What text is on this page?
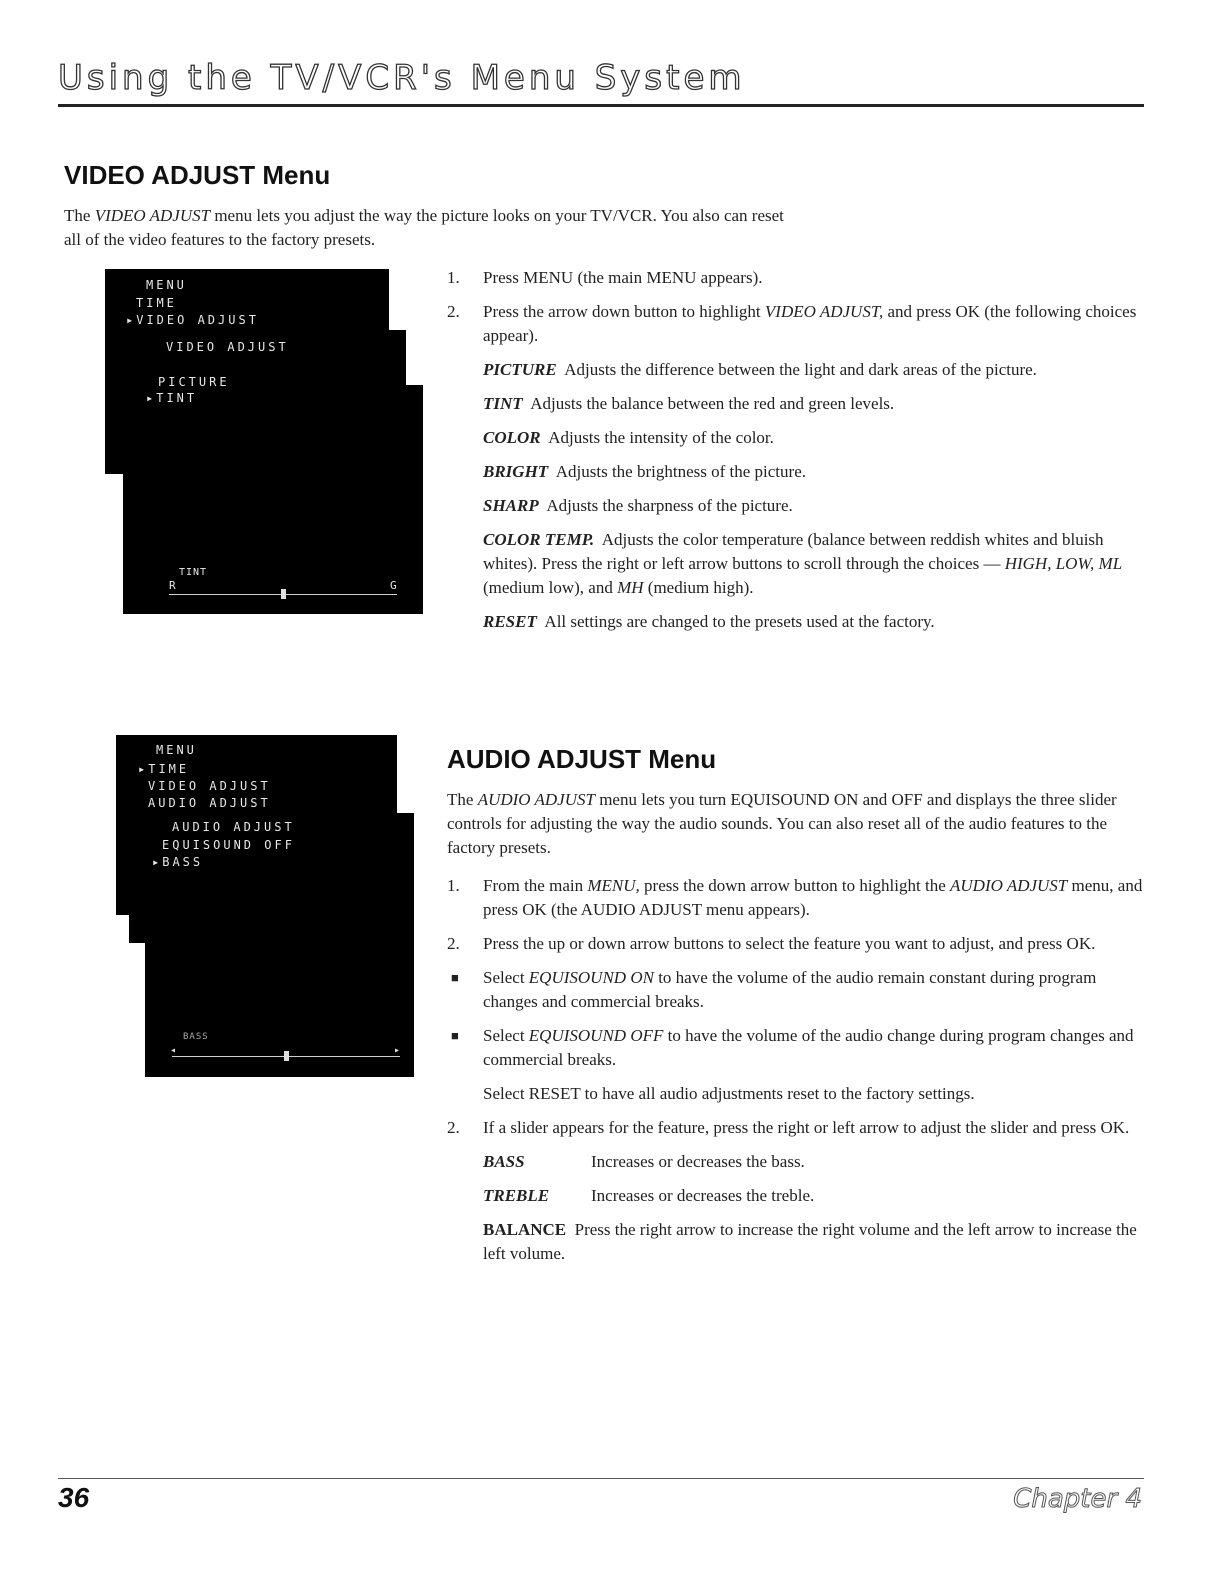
Using the TV/VCR's Menu System
VIDEO ADJUST Menu
The VIDEO ADJUST menu lets you adjust the way the picture looks on your TV/VCR. You also can reset
all of the video features to the factory presets.
MENU
TIME
▸VIDEO ADJUST
VIDEO ADJUST
PICTURE
▸TINT
TINT
R	G
1. Press MENU (the main MENU appears).
2. Press the arrow down button to highlight VIDEO ADJUST, and press OK (the following choices appear).
PICTURE Adjusts the difference between the light and dark areas of the picture.
TINT Adjusts the balance between the red and green levels.
COLOR Adjusts the intensity of the color.
BRIGHT Adjusts the brightness of the picture.
SHARP Adjusts the sharpness of the picture.
COLOR TEMP. Adjusts the color temperature (balance between reddish whites and bluish whites). Press the right or left arrow buttons to scroll through the choices — HIGH, LOW, ML (medium low), and MH (medium high).
RESET All settings are changed to the presets used at the factory.
MENU
▸TIME
VIDEO ADJUST
AUDIO ADJUST
AUDIO ADJUST
EQUISOUND OFF
▸BASS
BASS
◂	▸
AUDIO ADJUST Menu
The AUDIO ADJUST menu lets you turn EQUISOUND ON and OFF and displays the three slider controls for adjusting the way the audio sounds. You can also reset all of the audio features to the factory presets.
1. From the main MENU, press the down arrow button to highlight the AUDIO ADJUST menu, and press OK (the AUDIO ADJUST menu appears).
2. Press the up or down arrow buttons to select the feature you want to adjust, and press OK.
■ Select EQUISOUND ON to have the volume of the audio remain constant during program changes and commercial breaks.
■ Select EQUISOUND OFF to have the volume of the audio change during program changes and commercial breaks.
Select RESET to have all audio adjustments reset to the factory settings.
2. If a slider appears for the feature, press the right or left arrow to adjust the slider and press OK.
BASS	Increases or decreases the bass.
TREBLE Increases or decreases the treble.
BALANCE Press the right arrow to increase the right volume and the left arrow to increase the left volume.
36	Chapter 4
